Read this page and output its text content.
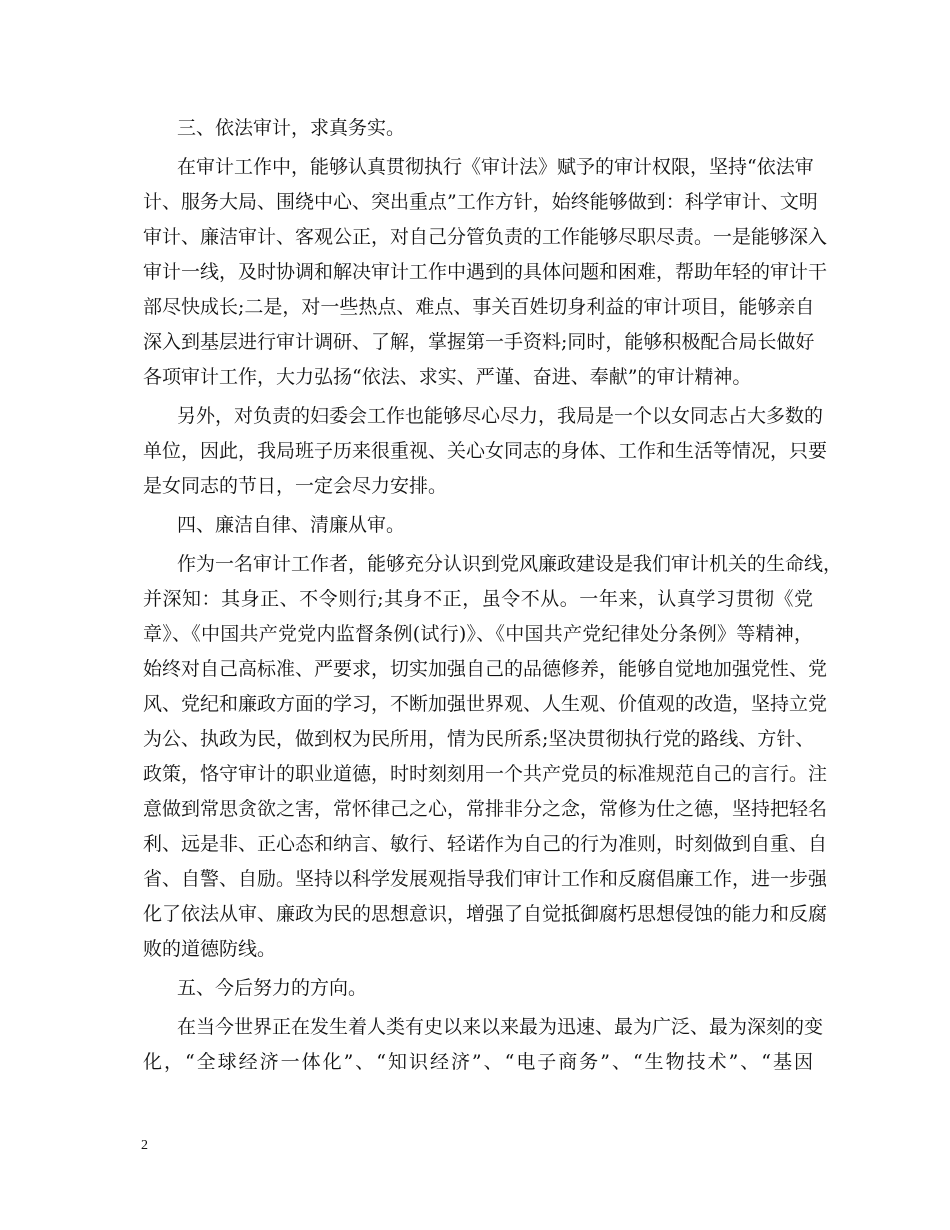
三、依法审计，求真务实。
在审计工作中，能够认真贯彻执行《审计法》赋予的审计权限，坚持“依法审
计、服务大局、围绕中心、突出重点”工作方针，始终能够做到：科学审计、文明
审计、廉洁审计、客观公正，对自己分管负责的工作能够尽职尽责。一是能够深入
审计一线，及时协调和解决审计工作中遇到的具体问题和困难，帮助年轻的审计干
部尽快成长;二是，对一些热点、难点、事关百姓切身利益的审计项目，能够亲自
深入到基层进行审计调研、了解，掌握第一手资料;同时，能够积极配合局长做好
各项审计工作，大力弘扬“依法、求实、严谨、奋进、奉献”的审计精神。
另外，对负责的妇委会工作也能够尽心尽力，我局是一个以女同志占大多数的
单位，因此，我局班子历来很重视、关心女同志的身体、工作和生活等情况，只要
是女同志的节日，一定会尽力安排。
四、廉洁自律、清廉从审。
作为一名审计工作者，能够充分认识到党风廉政建设是我们审计机关的生命线，
并深知：其身正、不令则行;其身不正，虽令不从。一年来，认真学习贯彻《党
章》、《中国共产党党内监督条例(试行)》、《中国共产党纪律处分条例》等精神，
始终对自己高标准、严要求，切实加强自己的品德修养，能够自觉地加强党性、党
风、党纪和廉政方面的学习，不断加强世界观、人生观、价值观的改造，坚持立党
为公、执政为民，做到权为民所用，情为民所系;坚决贯彻执行党的路线、方针、
政策，恪守审计的职业道德，时时刻刻用一个共产党员的标准规范自己的言行。注
意做到常思贪欲之害，常怀律己之心，常排非分之念，常修为仕之德，坚持把轻名
利、远是非、正心态和纳言、敏行、轻诺作为自己的行为准则，时刻做到自重、自
省、自警、自励。坚持以科学发展观指导我们审计工作和反腐倡廉工作，进一步强
化了依法从审、廉政为民的思想意识，增强了自觉抵御腐朽思想侵蚀的能力和反腐
败的道德防线。
五、今后努力的方向。
在当今世界正在发生着人类有史以来以来最为迅速、最为广泛、最为深刻的变
化，“全球经济一体化”、“知识经济”、“电子商务”、“生物技术”、“基因
2
